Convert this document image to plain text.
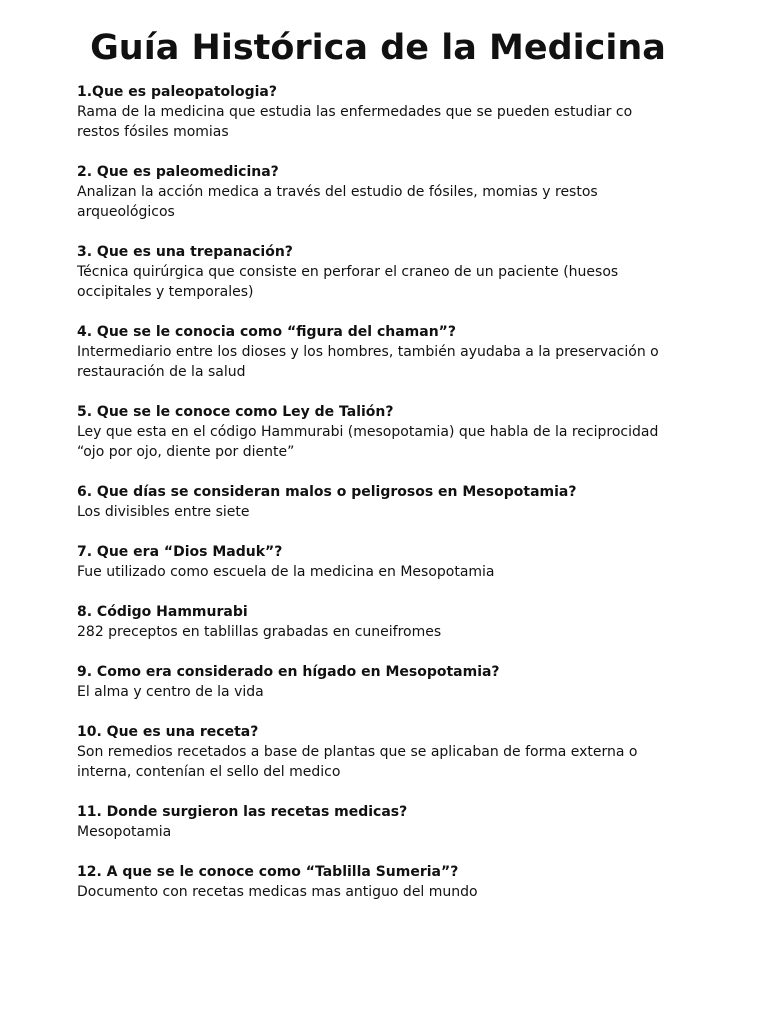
Guía Histórica de la Medicina
1.Que es paleopatologia?
Rama de la medicina que estudia las enfermedades que se pueden estudiar co
restos fósiles momias
2. Que es paleomedicina?
Analizan la acción medica a través del estudio de fósiles, momias y restos
arqueológicos
3. Que es una trepanación?
Técnica quirúrgica que consiste en perforar el craneo de un paciente (huesos
occipitales y temporales)
4. Que se le conocia como “figura del chaman”?
Intermediario entre los dioses y los hombres, también ayudaba a la preservación o
restauración de la salud
5. Que se le conoce como Ley de Talión?
Ley que esta en el código Hammurabi (mesopotamia) que habla de la reciprocidad
“ojo por ojo, diente por diente”
6. Que días se consideran malos o peligrosos en Mesopotamia?
Los divisibles entre siete
7. Que era “Dios Maduk”?
Fue utilizado como escuela de la medicina en Mesopotamia
8. Código Hammurabi
282 preceptos en tablillas grabadas en cuneifromes
9. Como era considerado en hígado en Mesopotamia?
El alma y centro de la vida
10. Que es una receta?
Son remedios recetados a base de plantas que se aplicaban de forma externa o
interna, contenían el sello del medico
11. Donde surgieron las recetas medicas?
Mesopotamia
12. A que se le conoce como “Tablilla Sumeria”?
Documento con recetas medicas mas antiguo del mundo
